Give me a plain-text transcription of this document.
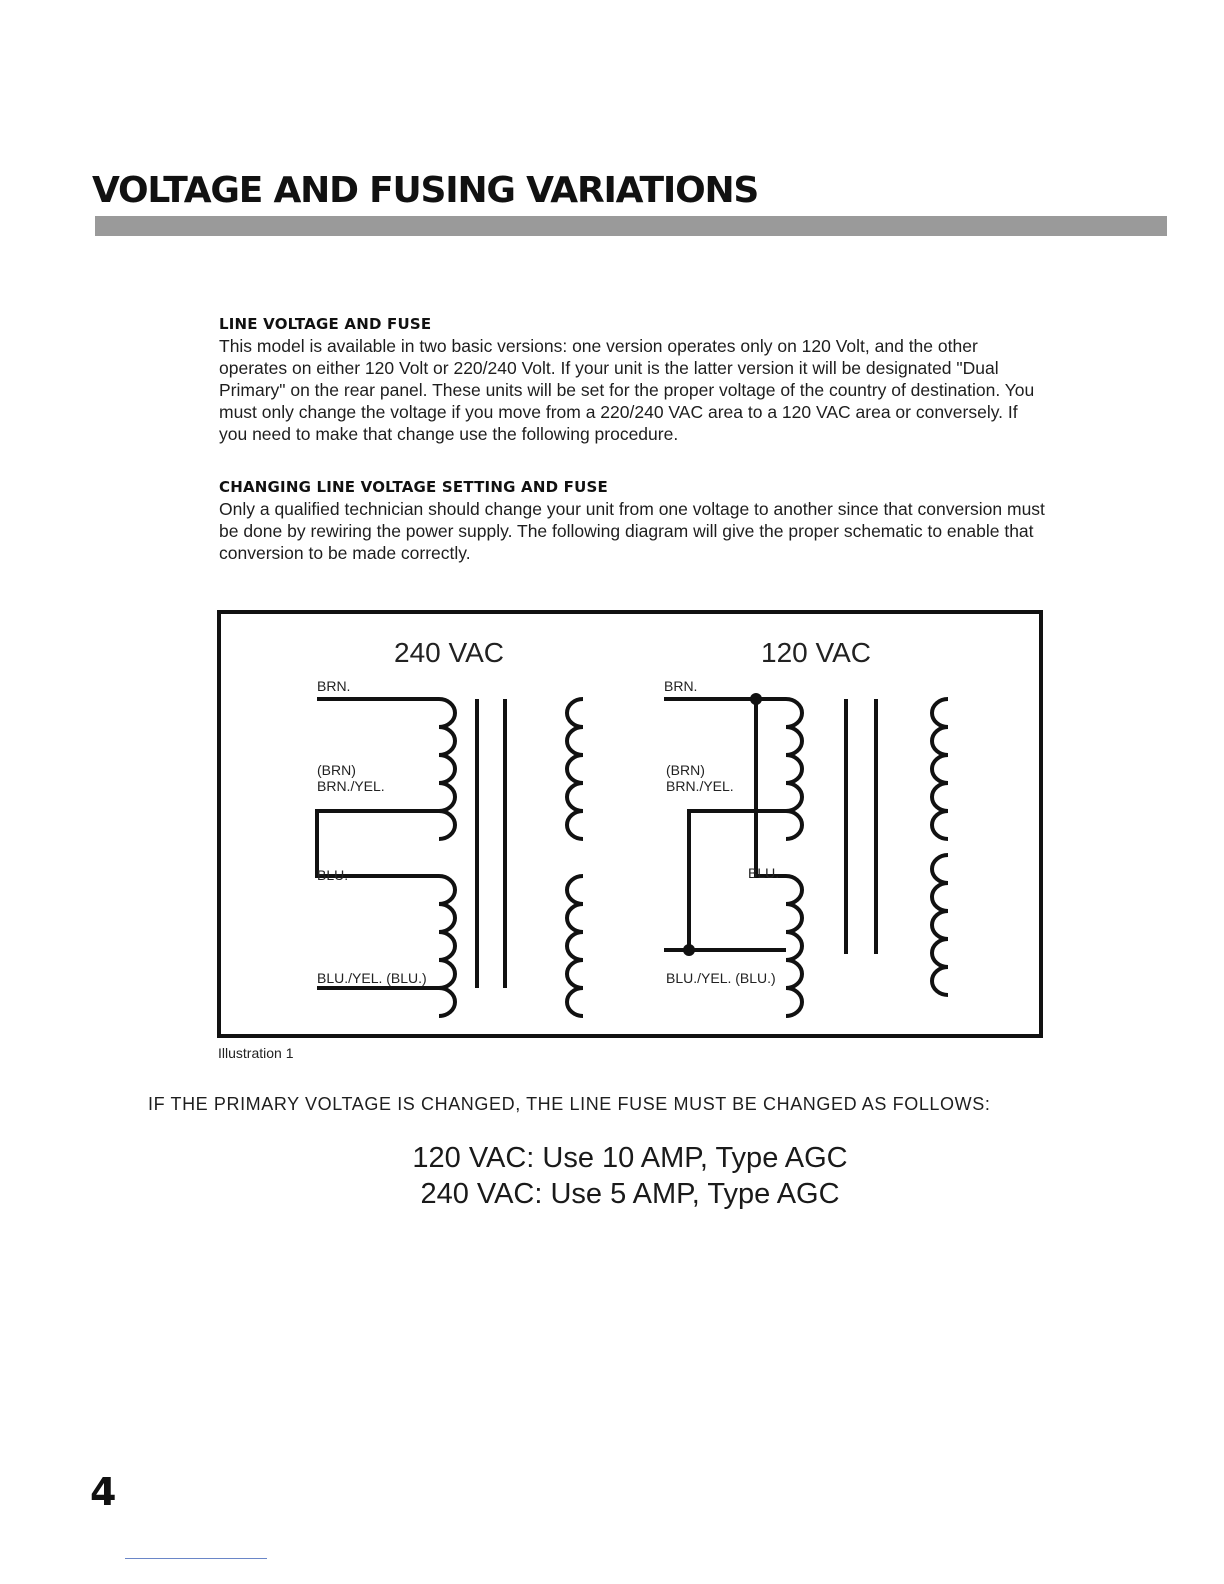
VOLTAGE AND FUSING VARIATIONS
LINE VOLTAGE AND FUSE

This model is available in two basic versions: one version operates only on 120 Volt, and the other operates on either 120 Volt or 220/240 Volt. If your unit is the latter version it will be designated "Dual Primary" on the rear panel. These units will be set for the proper voltage of the country of destination. You must only change the voltage if you move from a 220/240 VAC area to a 120 VAC area or conversely. If you need to make that change use the following procedure.

CHANGING LINE VOLTAGE SETTING AND FUSE

Only a qualified technician should change your unit from one voltage to another since that conversion must be done by rewiring the power supply. The following diagram will give the proper schematic to enable that conversion to be made correctly.

240 VAC
BRN.
(BRN)
BRN./YEL.
BLU.
BLU./YEL. (BLU.)
120 VAC
BRN.
(BRN)
BRN./YEL.
BLU.
BLU./YEL. (BLU.)
Illustration 1
IF THE PRIMARY VOLTAGE IS CHANGED, THE LINE FUSE MUST BE CHANGED AS FOLLOWS:
120 VAC: Use 10 AMP, Type AGC
240 VAC: Use 5 AMP, Type AGC
4
